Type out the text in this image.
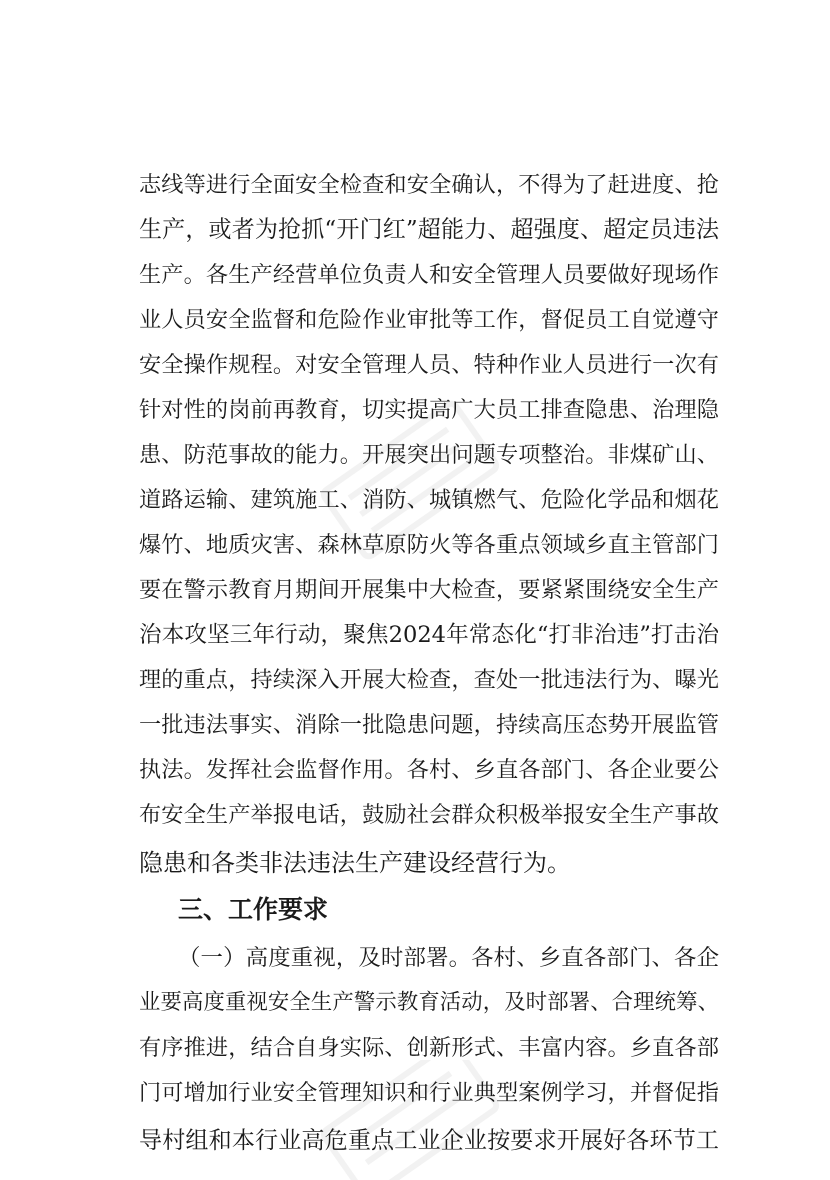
志线等进行全面安全检查和安全确认，不得为了赶进度、抢
生产，或者为抢抓“开门红”超能力、超强度、超定员违法
生产。各生产经营单位负责人和安全管理人员要做好现场作
业人员安全监督和危险作业审批等工作，督促员工自觉遵守
安全操作规程。对安全管理人员、特种作业人员进行一次有
针对性的岗前再教育，切实提高广大员工排查隐患、治理隐
患、防范事故的能力。开展突出问题专项整治。非煤矿山、
道路运输、建筑施工、消防、城镇燃气、危险化学品和烟花
爆竹、地质灾害、森林草原防火等各重点领域乡直主管部门
要在警示教育月期间开展集中大检查，要紧紧围绕安全生产
治本攻坚三年行动，聚焦2024年常态化“打非治违”打击治
理的重点，持续深入开展大检查，查处一批违法行为、曝光
一批违法事实、消除一批隐患问题，持续高压态势开展监管
执法。发挥社会监督作用。各村、乡直各部门、各企业要公
布安全生产举报电话，鼓励社会群众积极举报安全生产事故
隐患和各类非法违法生产建设经营行为。
三、工作要求
（一）高度重视，及时部署。各村、乡直各部门、各企
业要高度重视安全生产警示教育活动，及时部署、合理统筹、
有序推进，结合自身实际、创新形式、丰富内容。乡直各部
门可增加行业安全管理知识和行业典型案例学习，并督促指
导村组和本行业高危重点工业企业按要求开展好各环节工
